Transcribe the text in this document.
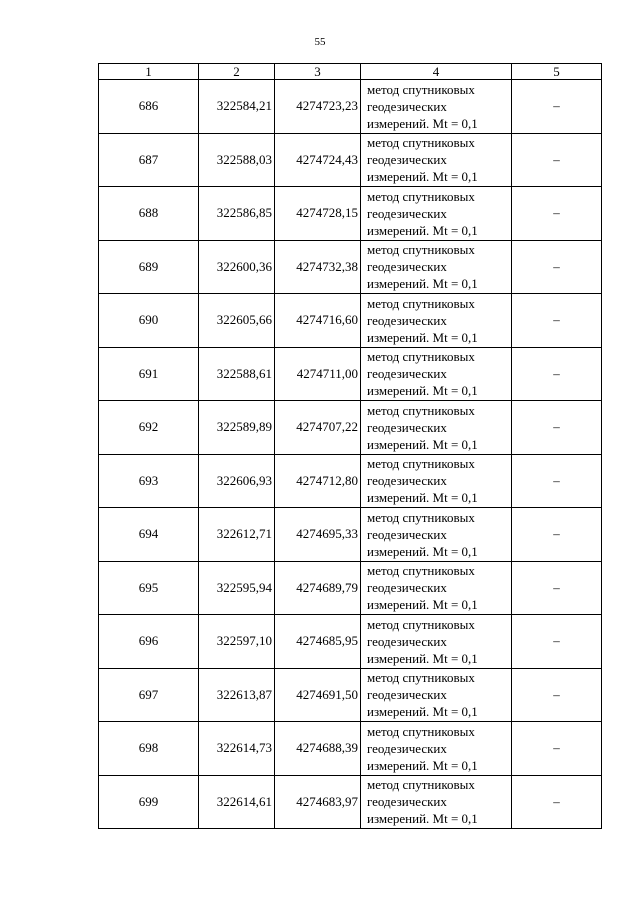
55
1	2	3	4	5
686	322584,21	4274723,23	метод спутниковых
геодезических
измерений. Mt = 0,1	–
687	322588,03	4274724,43	метод спутниковых
геодезических
измерений. Mt = 0,1	–
688	322586,85	4274728,15	метод спутниковых
геодезических
измерений. Mt = 0,1	–
689	322600,36	4274732,38	метод спутниковых
геодезических
измерений. Mt = 0,1	–
690	322605,66	4274716,60	метод спутниковых
геодезических
измерений. Mt = 0,1	–
691	322588,61	4274711,00	метод спутниковых
геодезических
измерений. Mt = 0,1	–
692	322589,89	4274707,22	метод спутниковых
геодезических
измерений. Mt = 0,1	–
693	322606,93	4274712,80	метод спутниковых
геодезических
измерений. Mt = 0,1	–
694	322612,71	4274695,33	метод спутниковых
геодезических
измерений. Mt = 0,1	–
695	322595,94	4274689,79	метод спутниковых
геодезических
измерений. Mt = 0,1	–
696	322597,10	4274685,95	метод спутниковых
геодезических
измерений. Mt = 0,1	–
697	322613,87	4274691,50	метод спутниковых
геодезических
измерений. Mt = 0,1	–
698	322614,73	4274688,39	метод спутниковых
геодезических
измерений. Mt = 0,1	–
699	322614,61	4274683,97	метод спутниковых
геодезических
измерений. Mt = 0,1	–
